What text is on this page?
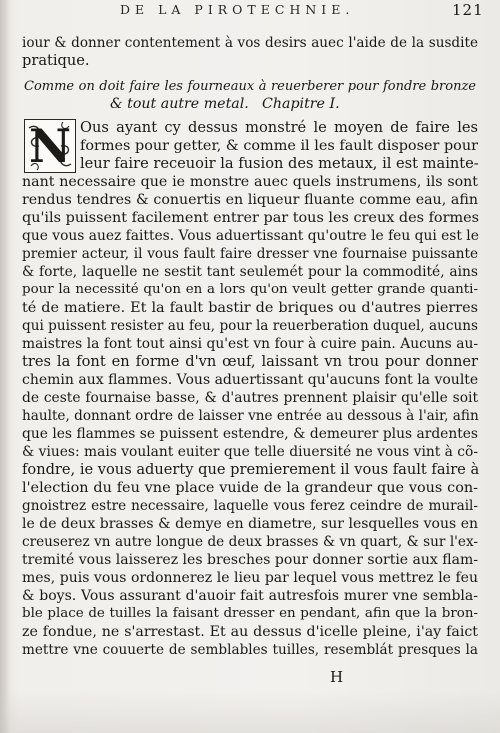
DE LA PIROTECHNIE.	121
iour & donner contentement à vos desirs auec l'aide de la susdite
pratique.
Comme on doit faire les fourneaux à reuerberer pour fondre bronze
& tout autre metal. Chapitre I.
N Ous ayant cy dessus monstré le moyen de faire les
formes pour getter, & comme il les fault disposer pour
leur faire receuoir la fusion des metaux, il est mainte-
nant necessaire que ie monstre auec quels instrumens, ils sont
rendus tendres & conuertis en liqueur fluante comme eau, afin
qu'ils puissent facilement entrer par tous les creux des formes
que vous auez faittes. Vous aduertissant qu'outre le feu qui est le
premier acteur, il vous fault faire dresser vne fournaise puissante
& forte, laquelle ne sestit tant seulemét pour la commodité, ains
pour la necessité qu'on en a lors qu'on veult getter grande quanti-
té de matiere. Et la fault bastir de briques ou d'autres pierres
qui puissent resister au feu, pour la reuerberation duquel, aucuns
maistres la font tout ainsi qu'est vn four à cuire pain. Aucuns au-
tres la font en forme d'vn œuf, laissant vn trou pour donner
chemin aux flammes. Vous aduertissant qu'aucuns font la voulte
de ceste fournaise basse, & d'autres prennent plaisir qu'elle soit
haulte, donnant ordre de laisser vne entrée au dessous à l'air, afin
que les flammes se puissent estendre, & demeurer plus ardentes
& viues: mais voulant euiter que telle diuersité ne vous vint à cõ-
fondre, ie vous aduerty que premierement il vous fault faire à
l'election du feu vne place vuide de la grandeur que vous con-
gnoistrez estre necessaire, laquelle vous ferez ceindre de murail-
le de deux brasses & demye en diametre, sur lesquelles vous en
creuserez vn autre longue de deux brasses & vn quart, & sur l'ex-
tremité vous laisserez les bresches pour donner sortie aux flam-
mes, puis vous ordonnerez le lieu par lequel vous mettrez le feu
& boys. Vous assurant d'auoir fait autresfois murer vne sembla-
ble place de tuilles la faisant dresser en pendant, afin que la bron-
ze fondue, ne s'arrestast. Et au dessus d'icelle pleine, i'ay faict
mettre vne couuerte de semblables tuilles, resemblát presques la
H
